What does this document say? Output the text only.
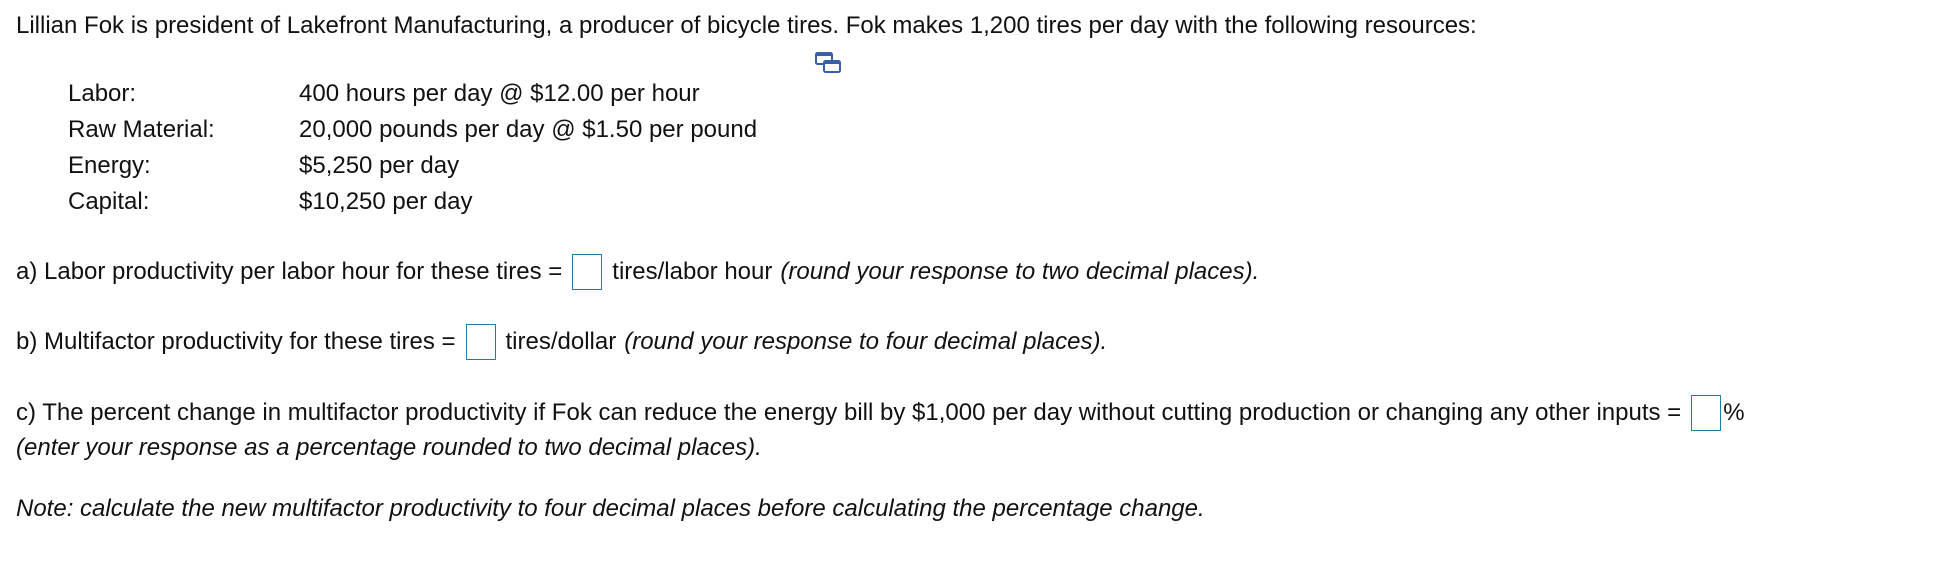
Lillian Fok is president of Lakefront Manufacturing, a producer of bicycle tires. Fok makes 1,200 tires per day with the following resources:
Labor:	400 hours per day @ $12.00 per hour
Raw Material:	20,000 pounds per day @ $1.50 per pound
Energy:	$5,250 per day
Capital:	$10,250 per day
a) Labor productivity per labor hour for these tires = tires/labor hour (round your response to two decimal places).
b) Multifactor productivity for these tires = tires/dollar (round your response to four decimal places).
c) The percent change in multifactor productivity if Fok can reduce the energy bill by $1,000 per day without cutting production or changing any other inputs = %
(enter your response as a percentage rounded to two decimal places).
Note: calculate the new multifactor productivity to four decimal places before calculating the percentage change.
